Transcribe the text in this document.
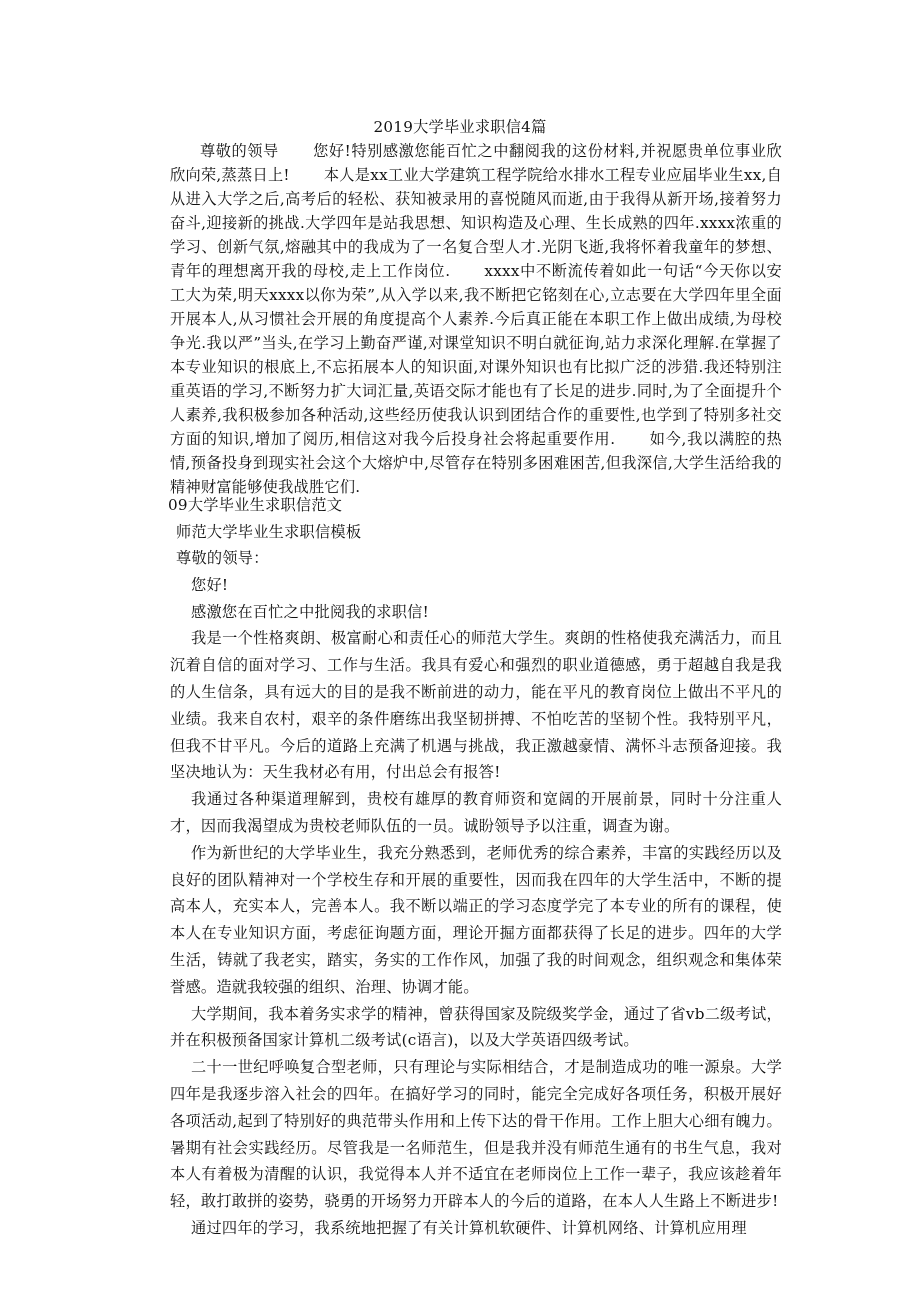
2019大学毕业求职信4篇

尊敬的领导 您好!特别感激您能百忙之中翻阅我的这份材料,并祝愿贵单位事业欣欣向荣,蒸蒸日上! 本人是xx工业大学建筑工程学院给水排水工程专业应届毕业生xx,自从进入大学之后,高考后的轻松、获知被录用的喜悦随风而逝,由于我得从新开场,接着努力奋斗,迎接新的挑战.大学四年是站我思想、知识构造及心理、生长成熟的四年.xxxx浓重的学习、创新气氛,熔融其中的我成为了一名复合型人才.光阴飞逝,我将怀着我童年的梦想、青年的理想离开我的母校,走上工作岗位. xxxx中不断流传着如此一句话“今天你以安工大为荣,明天xxxx以你为荣”,从入学以来,我不断把它铭刻在心,立志要在大学四年里全面开展本人,从习惯社会开展的角度提高个人素养.今后真正能在本职工作上做出成绩,为母校争光.我以严”当头,在学习上勤奋严谨,对课堂知识不明白就征询,站力求深化理解.在掌握了本专业知识的根底上,不忘拓展本人的知识面,对课外知识也有比拟广泛的涉猎.我还特别注重英语的学习,不断努力扩大词汇量,英语交际才能也有了长足的进步.同时,为了全面提升个人素养,我积极参加各种活动,这些经历使我认识到团结合作的重要性,也学到了特别多社交方面的知识,增加了阅历,相信这对我今后投身社会将起重要作用. 如今,我以满腔的热情,预备投身到现实社会这个大熔炉中,尽管存在特别多困难困苦,但我深信,大学生活给我的精神财富能够使我战胜它们.

09大学毕业生求职信范文

师范大学毕业生求职信模板

尊敬的领导：

您好!

感激您在百忙之中批阅我的求职信!

我是一个性格爽朗、极富耐心和责任心的师范大学生。爽朗的性格使我充满活力，而且沉着自信的面对学习、工作与生活。我具有爱心和强烈的职业道德感，勇于超越自我是我的人生信条，具有远大的目的是我不断前进的动力，能在平凡的教育岗位上做出不平凡的业绩。我来自农村，艰辛的条件磨练出我坚韧拼搏、不怕吃苦的坚韧个性。我特别平凡，但我不甘平凡。今后的道路上充满了机遇与挑战，我正激越豪情、满怀斗志预备迎接。我坚决地认为：天生我材必有用，付出总会有报答!

我通过各种渠道理解到，贵校有雄厚的教育师资和宽阔的开展前景，同时十分注重人才，因而我渴望成为贵校老师队伍的一员。诚盼领导予以注重，调查为谢。

作为新世纪的大学毕业生，我充分熟悉到，老师优秀的综合素养，丰富的实践经历以及良好的团队精神对一个学校生存和开展的重要性，因而我在四年的大学生活中，不断的提高本人，充实本人，完善本人。我不断以端正的学习态度学完了本专业的所有的课程，使本人在专业知识方面，考虑征询题方面，理论开掘方面都获得了长足的进步。四年的大学生活，铸就了我老实，踏实，务实的工作作风，加强了我的时间观念，组织观念和集体荣誉感。造就我较强的组织、治理、协调才能。

大学期间，我本着务实求学的精神，曾获得国家及院级奖学金，通过了省vb二级考试，并在积极预备国家计算机二级考试(c语言)，以及大学英语四级考试。

二十一世纪呼唤复合型老师，只有理论与实际相结合，才是制造成功的唯一源泉。大学四年是我逐步溶入社会的四年。在搞好学习的同时，能完全完成好各项任务，积极开展好各项活动,起到了特别好的典范带头作用和上传下达的骨干作用。工作上胆大心细有魄力。暑期有社会实践经历。尽管我是一名师范生，但是我并没有师范生通有的书生气息，我对本人有着极为清醒的认识，我觉得本人并不适宜在老师岗位上工作一辈子，我应该趁着年轻，敢打敢拼的姿势，骁勇的开场努力开辟本人的今后的道路，在本人人生路上不断进步!

通过四年的学习，我系统地把握了有关计算机软硬件、计算机网络、计算机应用理
